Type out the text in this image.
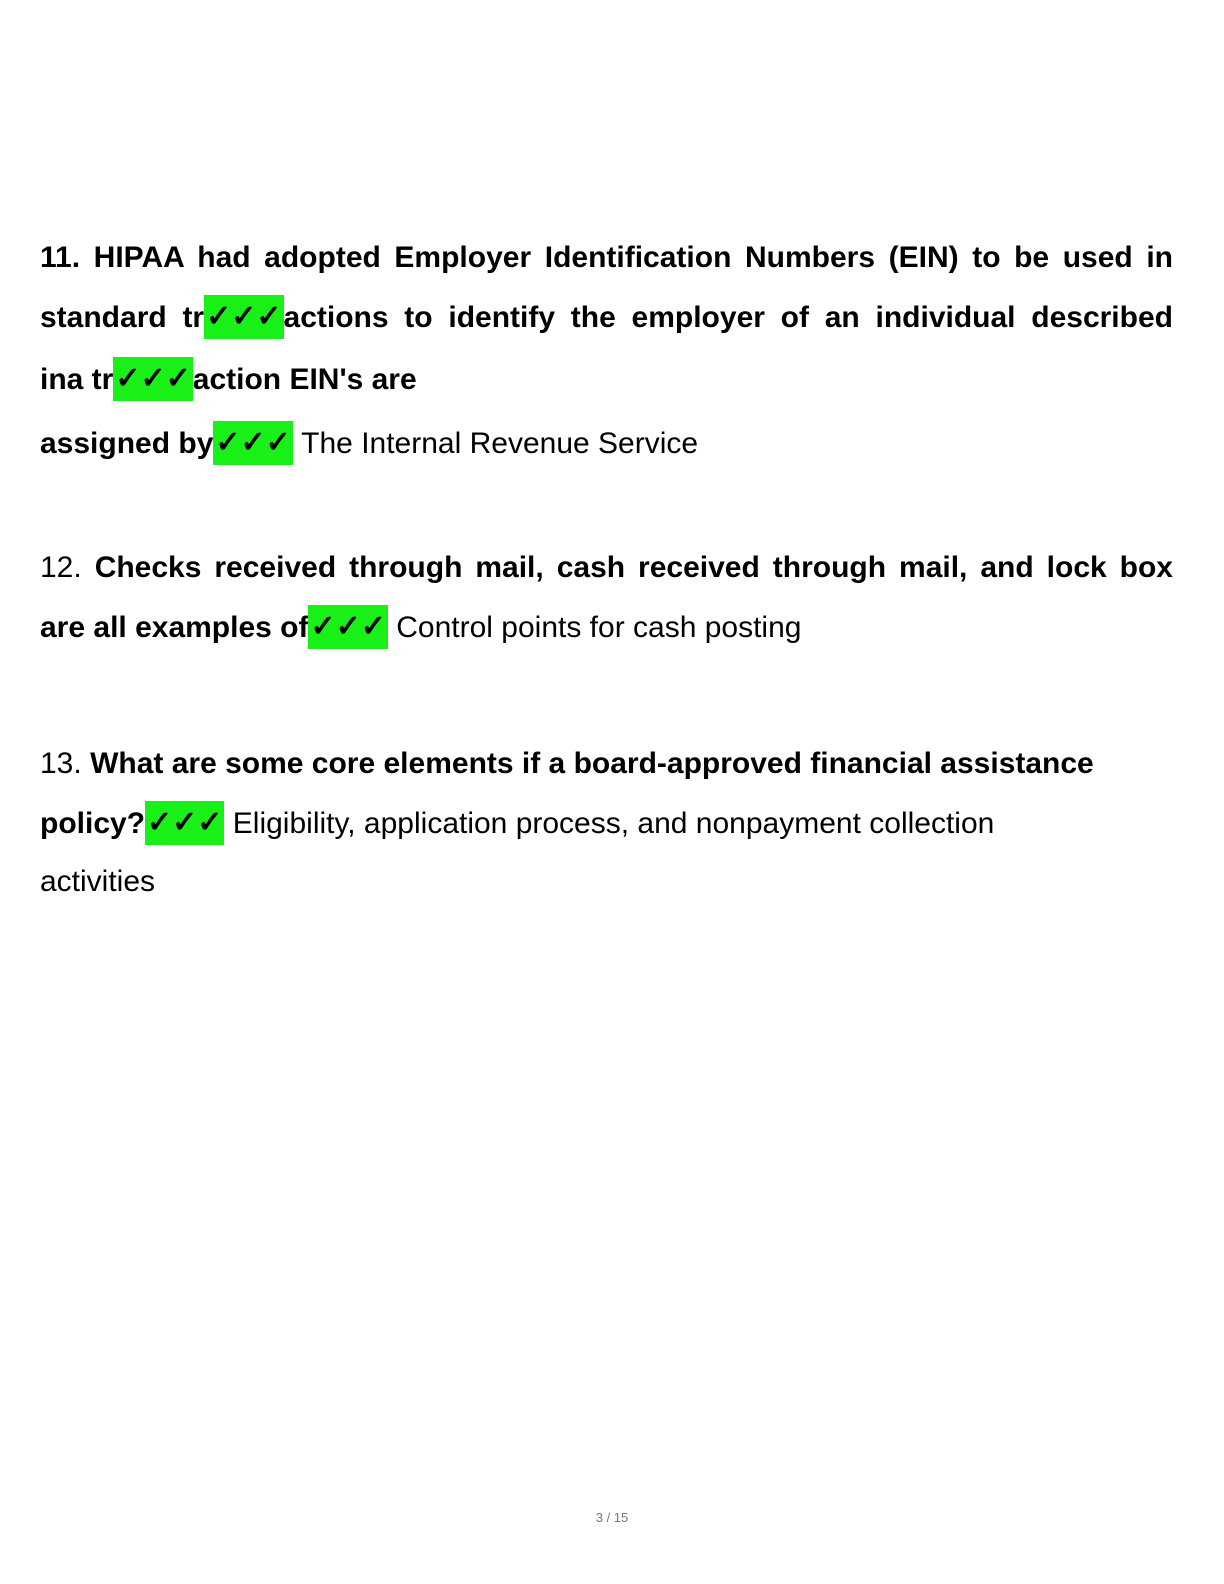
11. HIPAA had adopted Employer Identification Numbers (EIN) to be used in

standard tr✓✓✓actions to identify the employer of an individual described

ina tr✓✓✓action EIN's are

assigned by✓✓✓ The Internal Revenue Service

12. Checks received through mail, cash received through mail, and lock box

are all examples of✓✓✓ Control points for cash posting

13. What are some core elements if a board-approved financial assistance

policy?✓✓✓ Eligibility, application process, and nonpayment collection

activities

3 / 15
